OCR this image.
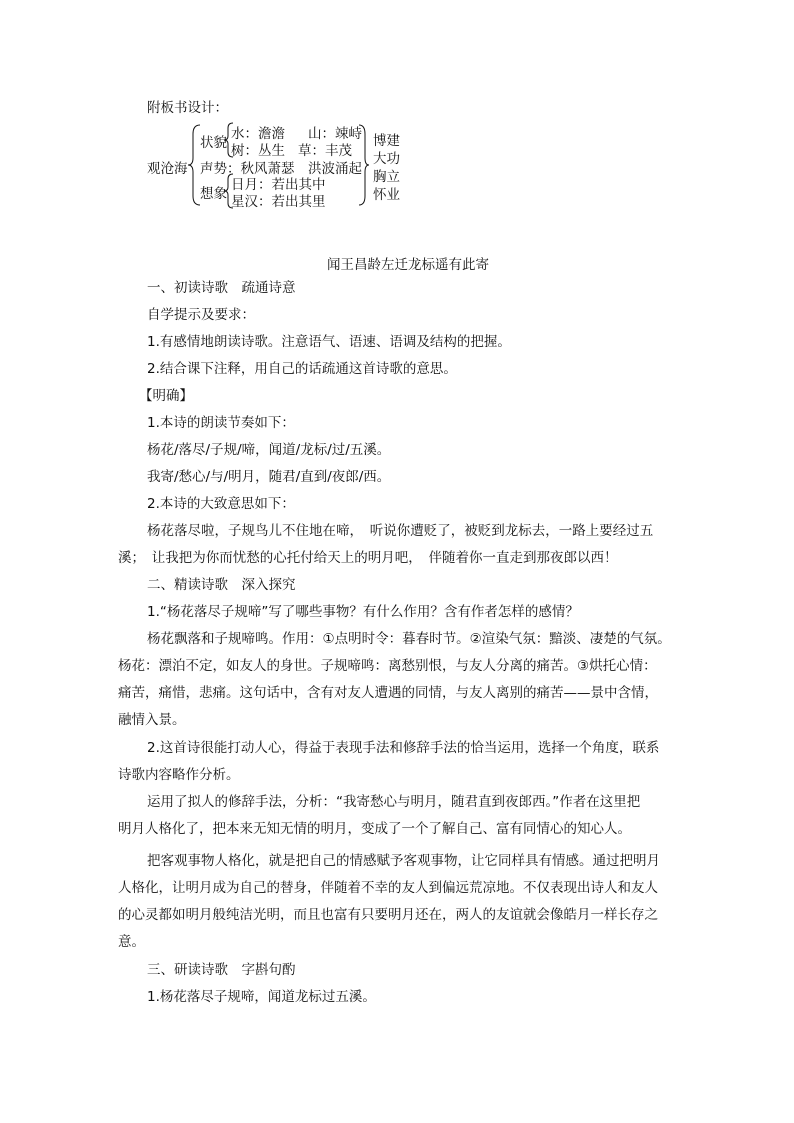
附板书设计：
观沧海
状貌
水：澹澹 山：竦峙
树：丛生 草：丰茂
声势：秋风萧瑟　洪波涌起
想象
日月：若出其中
星汉：若出其里
博建
大功
胸立
怀业
闻王昌龄左迁龙标遥有此寄
一、初读诗歌　疏通诗意
自学提示及要求：
1.有感情地朗读诗歌。注意语气、语速、语调及结构的把握。
2.结合课下注释，用自己的话疏通这首诗歌的意思。
【明确】
1.本诗的朗读节奏如下：
杨花/落尽/子规/啼，闻道/龙标/过/五溪。
我寄/愁心/与/明月，随君/直到/夜郎/西。
2.本诗的大致意思如下：
杨花落尽啦，子规鸟儿不住地在啼，　听说你遭贬了，被贬到龙标去，一路上要经过五
溪；　让我把为你而忧愁的心托付给天上的明月吧，　伴随着你一直走到那夜郎以西！
二、精读诗歌　深入探究
1.“杨花落尽子规啼”写了哪些事物？有什么作用？含有作者怎样的感情？
杨花飘落和子规啼鸣。作用：①点明时令：暮春时节。②渲染气氛：黯淡、凄楚的气氛。
杨花：漂泊不定，如友人的身世。子规啼鸣：离愁别恨，与友人分离的痛苦。③烘托心情：
痛苦，痛惜，悲痛。这句话中，含有对友人遭遇的同情，与友人离别的痛苦——景中含情，
融情入景。
2.这首诗很能打动人心，得益于表现手法和修辞手法的恰当运用，选择一个角度，联系
诗歌内容略作分析。
运用了拟人的修辞手法，分析：“我寄愁心与明月，随君直到夜郎西。”作者在这里把
明月人格化了，把本来无知无情的明月，变成了一个了解自己、富有同情心的知心人。
把客观事物人格化，就是把自己的情感赋予客观事物，让它同样具有情感。通过把明月
人格化，让明月成为自己的替身，伴随着不幸的友人到偏远荒凉地。不仅表现出诗人和友人
的心灵都如明月般纯洁光明，而且也富有只要明月还在，两人的友谊就会像皓月一样长存之
意。
三、研读诗歌　字斟句酌
1.杨花落尽子规啼，闻道龙标过五溪。
